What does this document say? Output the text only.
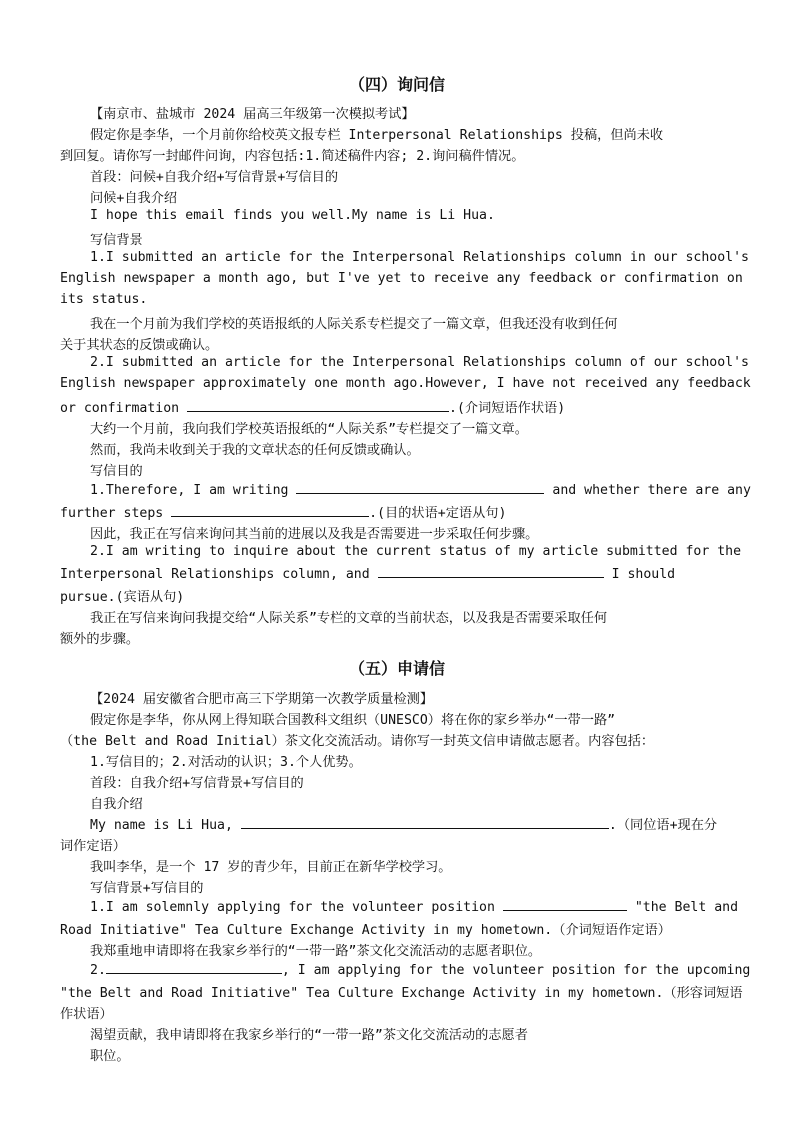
（四）询问信
【南京市、盐城市 2024 届高三年级第一次模拟考试】
假定你是李华，一个月前你给校英文报专栏 Interpersonal Relationships 投稿，但尚未收
到回复。请你写一封邮件问询，内容包括:1.简述稿件内容; 2.询问稿件情况。
首段：问候+自我介绍+写信背景+写信目的
问候+自我介绍
I hope this email finds you well.My name is Li Hua.
写信背景
1.I submitted an article for the Interpersonal Relationships column in our school's
English newspaper a month ago, but I've yet to receive any feedback or confirmation on
its status.
我在一个月前为我们学校的英语报纸的人际关系专栏提交了一篇文章，但我还没有收到任何
关于其状态的反馈或确认。
2.I submitted an article for the Interpersonal Relationships column of our school's
English newspaper approximately one month ago.However, I have not received any feedback
or confirmation	.(介词短语作状语)
大约一个月前，我向我们学校英语报纸的“人际关系”专栏提交了一篇文章。
然而，我尚未收到关于我的文章状态的任何反馈或确认。
写信目的
1.Therefore, I am writing	and whether there are any
further steps	.(目的状语+定语从句)
因此，我正在写信来询问其当前的进展以及我是否需要进一步采取任何步骤。
2.I am writing to inquire about the current status of my article submitted for the
Interpersonal Relationships column, and	I should
pursue.(宾语从句)
我正在写信来询问我提交给“人际关系”专栏的文章的当前状态，以及我是否需要采取任何
额外的步骤。
（五）申请信
【2024 届安徽省合肥市高三下学期第一次教学质量检测】
假定你是李华，你从网上得知联合国教科文组织（UNESCO）将在你的家乡举办“一带一路”
（the Belt and Road Initial）茶文化交流活动。请你写一封英文信申请做志愿者。内容包括：
1.写信目的；2.对活动的认识；3.个人优势。
首段：自我介绍+写信背景+写信目的
自我介绍
My name is Li Hua,	.（同位语+现在分
词作定语）
我叫李华，是一个 17 岁的青少年，目前正在新华学校学习。
写信背景+写信目的
1.I am solemnly applying for the volunteer position	"the Belt and
Road Initiative" Tea Culture Exchange Activity in my hometown.（介词短语作定语）
我郑重地申请即将在我家乡举行的“一带一路”茶文化交流活动的志愿者职位。
2.	, I am applying for the volunteer position for the upcoming
"the Belt and Road Initiative" Tea Culture Exchange Activity in my hometown.（形容词短语
作状语）
渴望贡献，我申请即将在我家乡举行的“一带一路”茶文化交流活动的志愿者
职位。
